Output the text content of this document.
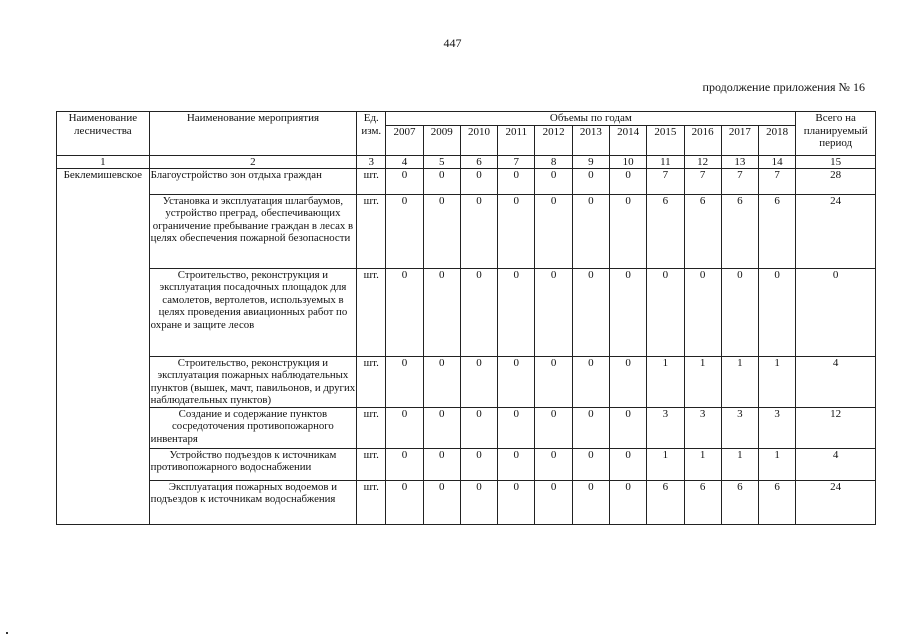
447
продолжение приложения № 16
Наименование лесничества	Наименование мероприятия	Ед. изм.	Объемы по годам											Всего на планируемый период
			2007	2009	2010	2011	2012	2013	2014	2015	2016	2017	2018	
1	2	3	4	5	6	7	8	9	10	11	12	13	14	15
Беклемишевское	Благоустройство зон отдыха граждан	шт.	0	0	0	0	0	0	0	7	7	7	7	28
	Установка и эксплуатация шлагбаумов, устройство преград, обеспечивающих ограничение пребывание граждан в лесах в целях обеспечения пожарной безопасности	шт.	0	0	0	0	0	0	0	6	6	6	6	24
	Строительство, реконструкция и эксплуатация посадочных площадок для самолетов, вертолетов, используемых в целях проведения авиационных работ по охране и защите лесов	шт.	0	0	0	0	0	0	0	0	0	0	0	0
	Строительство, реконструкция и эксплуатация пожарных наблюдательных пунктов (вышек, мачт, павильонов, и других наблюдательных пунктов)	шт.	0	0	0	0	0	0	0	1	1	1	1	4
	Создание и содержание пунктов сосредоточения противопожарного инвентаря	шт.	0	0	0	0	0	0	0	3	3	3	3	12
	Устройство подъездов к источникам противопожарного водоснабжении	шт.	0	0	0	0	0	0	0	1	1	1	1	4
	Эксплуатация пожарных водоемов и подъездов к источникам водоснабжения	шт.	0	0	0	0	0	0	0	6	6	6	6	24
